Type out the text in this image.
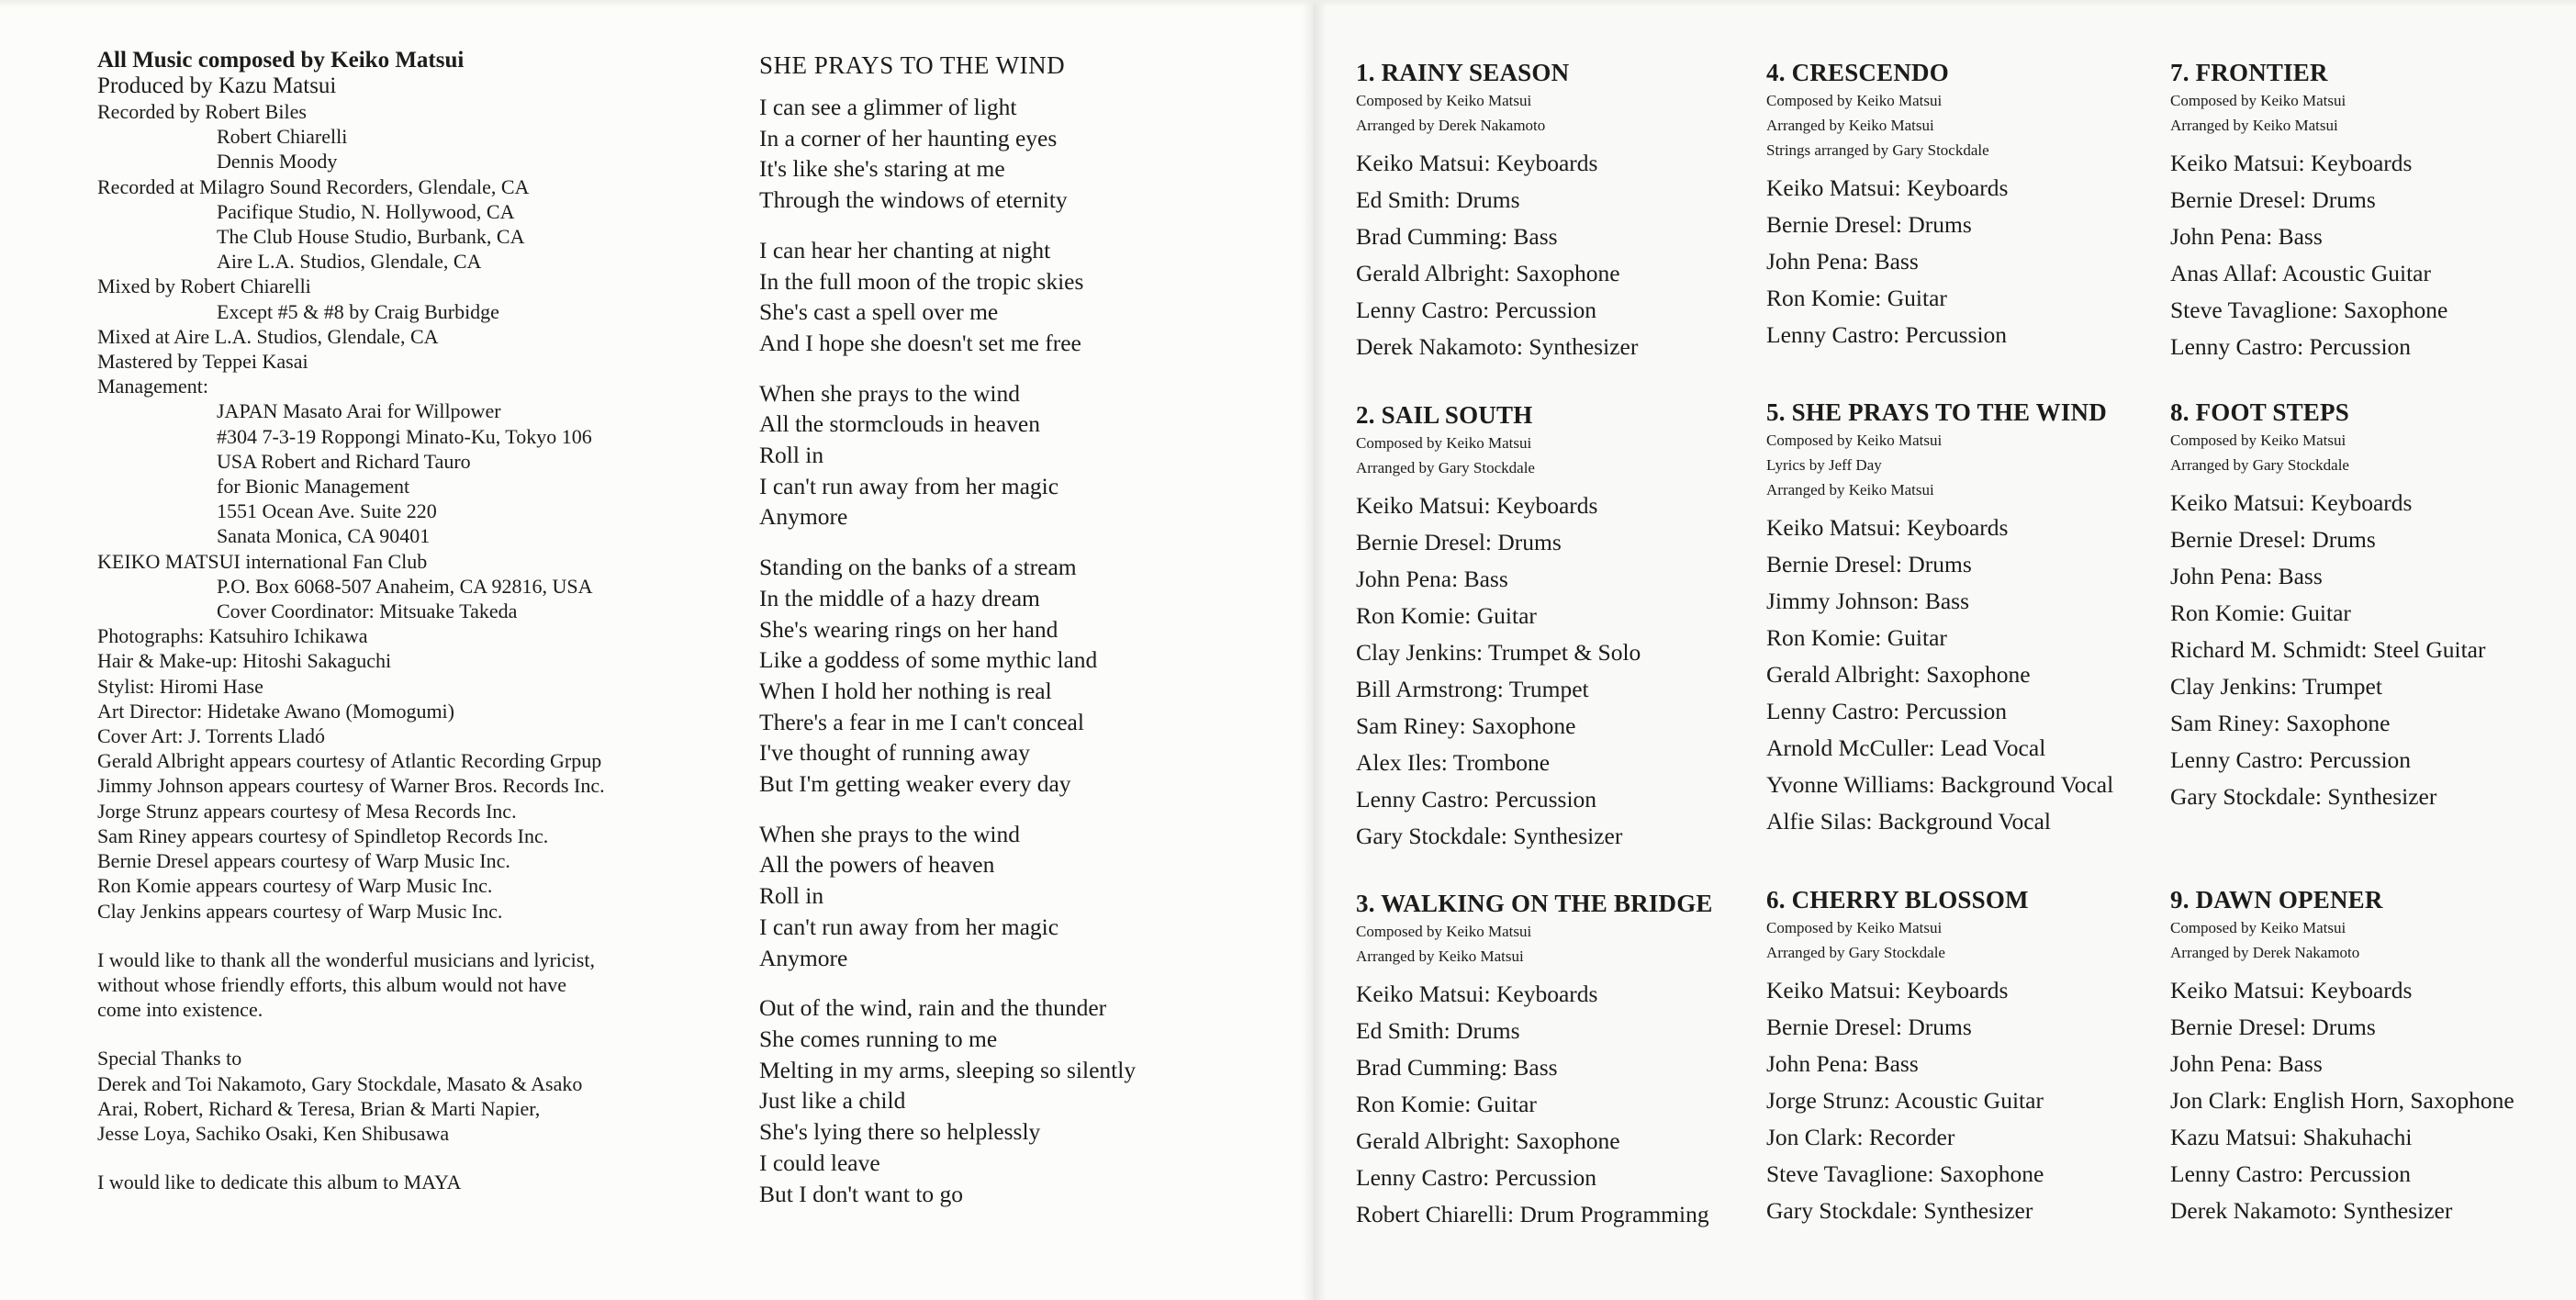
All Music composed by Keiko Matsui
Produced by Kazu Matsui
Recorded by Robert Biles
Robert Chiarelli
Dennis Moody
Recorded at Milagro Sound Recorders, Glendale, CA
Pacifique Studio, N. Hollywood, CA
The Club House Studio, Burbank, CA
Aire L.A. Studios, Glendale, CA
Mixed by Robert Chiarelli
Except #5 & #8 by Craig Burbidge
Mixed at Aire L.A. Studios, Glendale, CA
Mastered by Teppei Kasai
Management:
JAPAN Masato Arai for Willpower
#304 7-3-19 Roppongi Minato-Ku, Tokyo 106
USA Robert and Richard Tauro
for Bionic Management
1551 Ocean Ave. Suite 220
Sanata Monica, CA 90401
KEIKO MATSUI international Fan Club
P.O. Box 6068-507 Anaheim, CA 92816, USA
Cover Coordinator: Mitsuake Takeda
Photographs: Katsuhiro Ichikawa
Hair & Make-up: Hitoshi Sakaguchi
Stylist: Hiromi Hase
Art Director: Hidetake Awano (Momogumi)
Cover Art: J. Torrents Lladó
Gerald Albright appears courtesy of Atlantic Recording Grpup
Jimmy Johnson appears courtesy of Warner Bros. Records Inc.
Jorge Strunz appears courtesy of Mesa Records Inc.
Sam Riney appears courtesy of Spindletop Records Inc.
Bernie Dresel appears courtesy of Warp Music Inc.
Ron Komie appears courtesy of Warp Music Inc.
Clay Jenkins appears courtesy of Warp Music Inc.
I would like to thank all the wonderful musicians and lyricist,
without whose friendly efforts, this album would not have
come into existence.
Special Thanks to
Derek and Toi Nakamoto, Gary Stockdale, Masato & Asako
Arai, Robert, Richard & Teresa, Brian & Marti Napier,
Jesse Loya, Sachiko Osaki, Ken Shibusawa
I would like to dedicate this album to MAYA
SHE PRAYS TO THE WIND
I can see a glimmer of light
In a corner of her haunting eyes
It's like she's staring at me
Through the windows of eternity
I can hear her chanting at night
In the full moon of the tropic skies
She's cast a spell over me
And I hope she doesn't set me free
When she prays to the wind
All the stormclouds in heaven
Roll in
I can't run away from her magic
Anymore
Standing on the banks of a stream
In the middle of a hazy dream
She's wearing rings on her hand
Like a goddess of some mythic land
When I hold her nothing is real
There's a fear in me I can't conceal
I've thought of running away
But I'm getting weaker every day
When she prays to the wind
All the powers of heaven
Roll in
I can't run away from her magic
Anymore
Out of the wind, rain and the thunder
She comes running to me
Melting in my arms, sleeping so silently
Just like a child
She's lying there so helplessly
I could leave
But I don't want to go
1. RAINY SEASON
Composed by Keiko Matsui
Arranged by Derek Nakamoto
Keiko Matsui: Keyboards
Ed Smith: Drums
Brad Cumming: Bass
Gerald Albright: Saxophone
Lenny Castro: Percussion
Derek Nakamoto: Synthesizer
2. SAIL SOUTH
Composed by Keiko Matsui
Arranged by Gary Stockdale
Keiko Matsui: Keyboards
Bernie Dresel: Drums
John Pena: Bass
Ron Komie: Guitar
Clay Jenkins: Trumpet & Solo
Bill Armstrong: Trumpet
Sam Riney: Saxophone
Alex Iles: Trombone
Lenny Castro: Percussion
Gary Stockdale: Synthesizer
3. WALKING ON THE BRIDGE
Composed by Keiko Matsui
Arranged by Keiko Matsui
Keiko Matsui: Keyboards
Ed Smith: Drums
Brad Cumming: Bass
Ron Komie: Guitar
Gerald Albright: Saxophone
Lenny Castro: Percussion
Robert Chiarelli: Drum Programming
4. CRESCENDO
Composed by Keiko Matsui
Arranged by Keiko Matsui
Strings arranged by Gary Stockdale
Keiko Matsui: Keyboards
Bernie Dresel: Drums
John Pena: Bass
Ron Komie: Guitar
Lenny Castro: Percussion
5. SHE PRAYS TO THE WIND
Composed by Keiko Matsui
Lyrics by Jeff Day
Arranged by Keiko Matsui
Keiko Matsui: Keyboards
Bernie Dresel: Drums
Jimmy Johnson: Bass
Ron Komie: Guitar
Gerald Albright: Saxophone
Lenny Castro: Percussion
Arnold McCuller: Lead Vocal
Yvonne Williams: Background Vocal
Alfie Silas: Background Vocal
6. CHERRY BLOSSOM
Composed by Keiko Matsui
Arranged by Gary Stockdale
Keiko Matsui: Keyboards
Bernie Dresel: Drums
John Pena: Bass
Jorge Strunz: Acoustic Guitar
Jon Clark: Recorder
Steve Tavaglione: Saxophone
Gary Stockdale: Synthesizer
7. FRONTIER
Composed by Keiko Matsui
Arranged by Keiko Matsui
Keiko Matsui: Keyboards
Bernie Dresel: Drums
John Pena: Bass
Anas Allaf: Acoustic Guitar
Steve Tavaglione: Saxophone
Lenny Castro: Percussion
8. FOOT STEPS
Composed by Keiko Matsui
Arranged by Gary Stockdale
Keiko Matsui: Keyboards
Bernie Dresel: Drums
John Pena: Bass
Ron Komie: Guitar
Richard M. Schmidt: Steel Guitar
Clay Jenkins: Trumpet
Sam Riney: Saxophone
Lenny Castro: Percussion
Gary Stockdale: Synthesizer
9. DAWN OPENER
Composed by Keiko Matsui
Arranged by Derek Nakamoto
Keiko Matsui: Keyboards
Bernie Dresel: Drums
John Pena: Bass
Jon Clark: English Horn, Saxophone
Kazu Matsui: Shakuhachi
Lenny Castro: Percussion
Derek Nakamoto: Synthesizer
